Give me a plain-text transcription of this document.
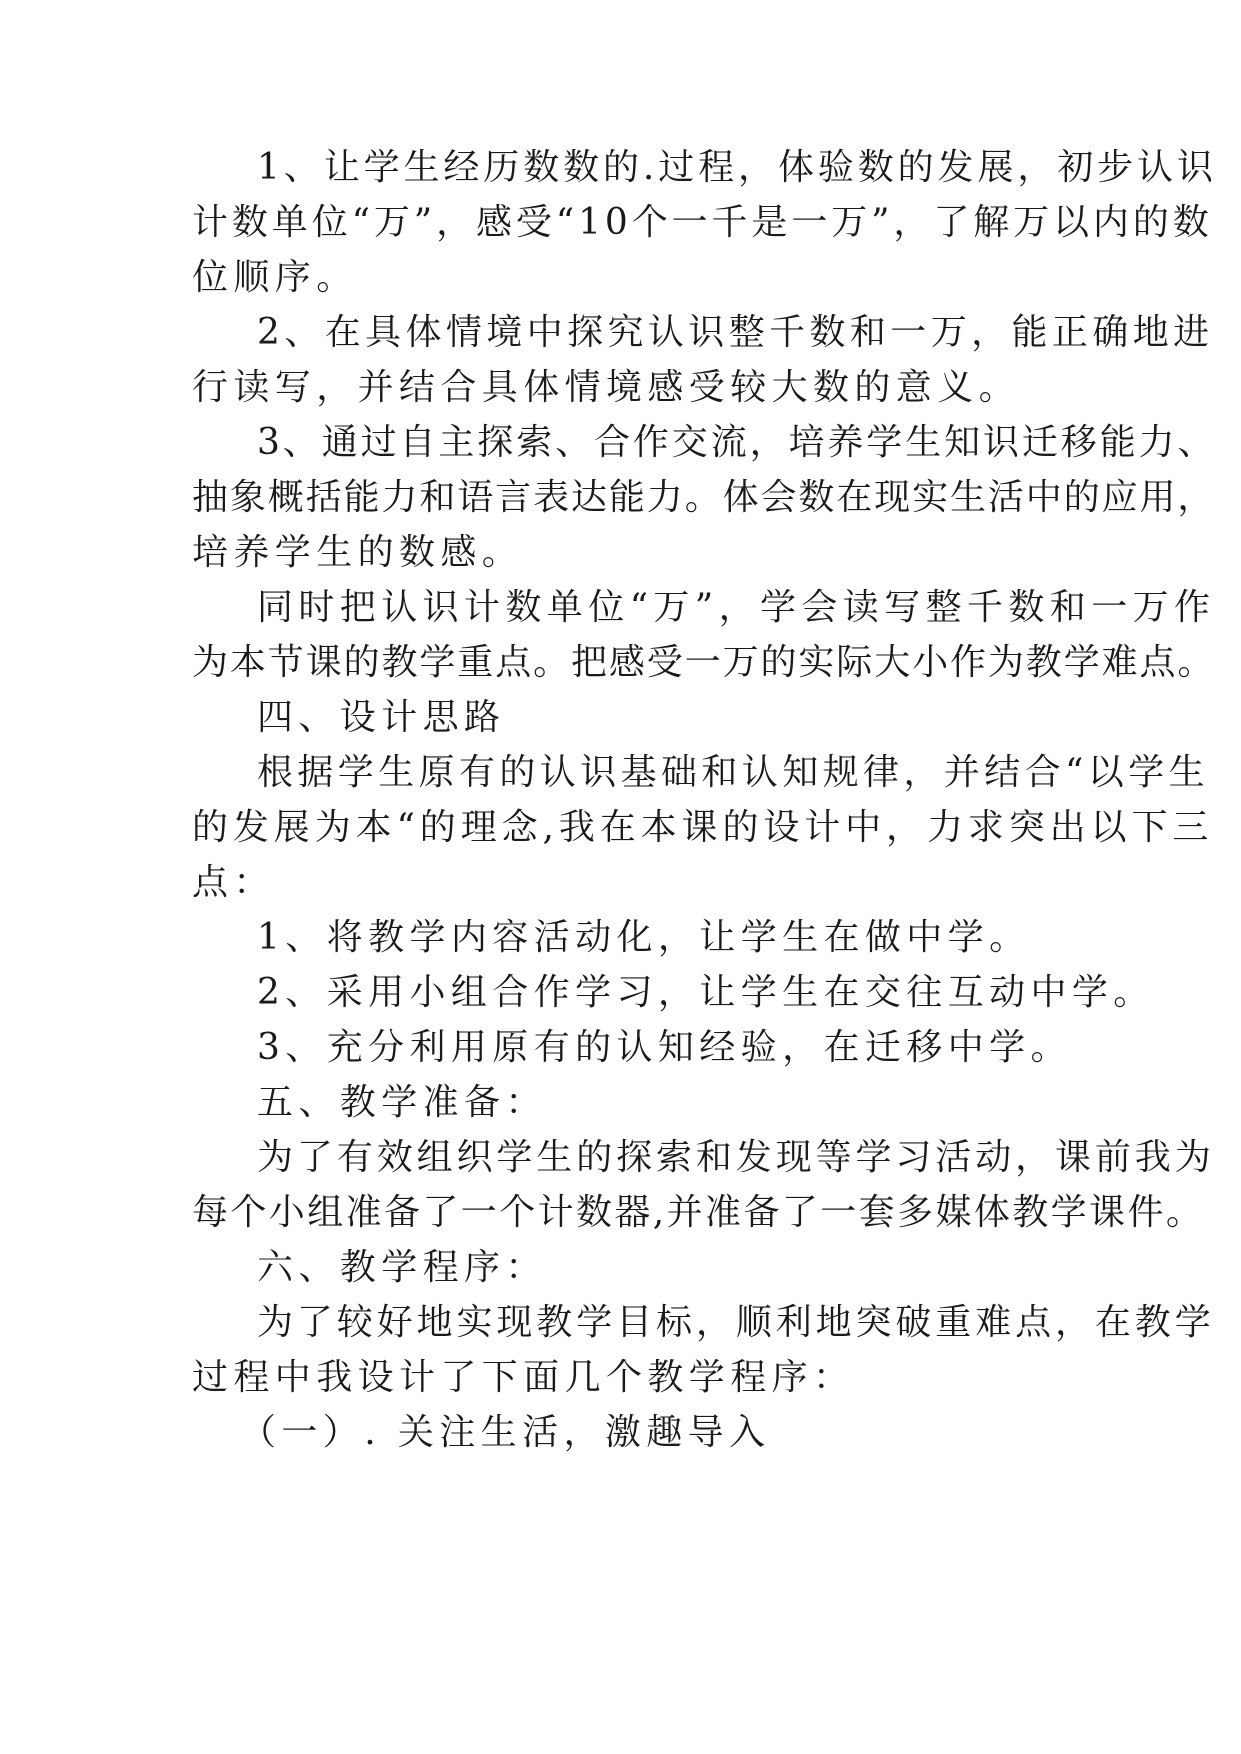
1、让学生经历数数的.过程，体验数的发展，初步认识
计数单位“万”，感受“10个一千是一万”，了解万以内的数
位顺序。
2、在具体情境中探究认识整千数和一万，能正确地进
行读写，并结合具体情境感受较大数的意义。
3、通过自主探索、合作交流，培养学生知识迁移能力、
抽象概括能力和语言表达能力。体会数在现实生活中的应用，
培养学生的数感。
同时把认识计数单位“万”，学会读写整千数和一万作
为本节课的教学重点。把感受一万的实际大小作为教学难点。
四、设计思路
根据学生原有的认识基础和认知规律，并结合“以学生
的发展为本“的理念,我在本课的设计中，力求突出以下三
点：
1、将教学内容活动化，让学生在做中学。
2、采用小组合作学习，让学生在交往互动中学。
3、充分利用原有的认知经验，在迁移中学。
五、教学准备：
为了有效组织学生的探索和发现等学习活动，课前我为
每个小组准备了一个计数器,并准备了一套多媒体教学课件。
六、教学程序：
为了较好地实现教学目标，顺利地突破重难点，在教学
过程中我设计了下面几个教学程序：
（一）. 关注生活，激趣导入
